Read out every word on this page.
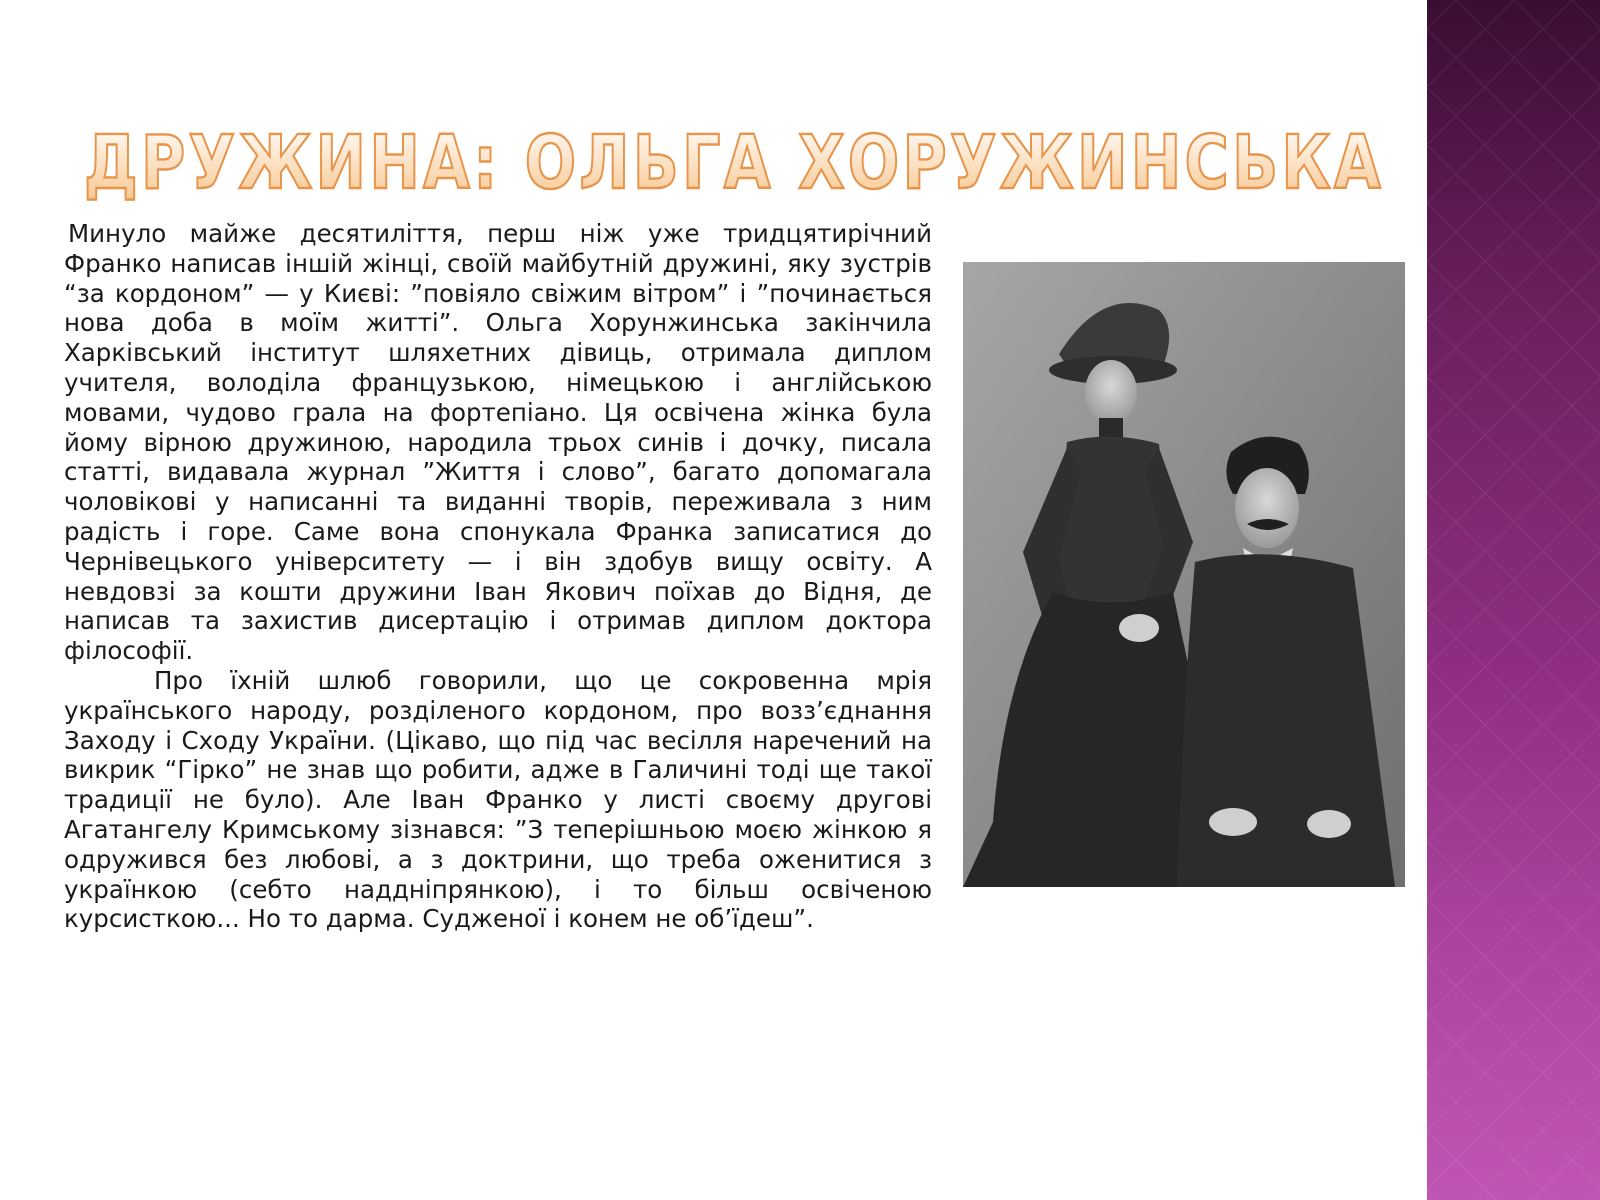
ДРУЖИНА: ОЛЬГА ХОРУЖИНСЬКА

Минуло майже десятиліття, перш ніж уже тридцятирічний Франко написав іншій жінці, своїй майбутній дружині, яку зустрів “за кордоном” — у Києві: ”повіяло свіжим вітром” і ”починається нова доба в моїм житті”. Ольга Хорунжинська закінчила Харківський інститут шляхетних дівиць, отримала диплом учителя, володіла французькою, німецькою і англійською мовами, чудово грала на фортепіано. Ця освічена жінка була йому вірною дружиною, народила трьох синів і дочку, писала статті, видавала журнал ”Життя і слово”, багато допомагала чоловікові у написанні та виданні творів, переживала з ним радість і горе. Саме вона спонукала Франка записатися до Чернівецького університету — і він здобув вищу освіту. А невдовзі за кошти дружини Іван Якович поїхав до Відня, де написав та захистив дисертацію і отримав диплом доктора філософії.

Про їхній шлюб говорили, що це сокровенна мрія українського народу, розділеного кордоном, про возз’єднання Заходу і Сходу України. (Цікаво, що під час весілля наречений на викрик “Гірко” не знав що робити, адже в Галичині тоді ще такої традиції не було). Але Іван Франко у листі своєму другові Агатангелу Кримському зізнався: ”З теперішньою моєю жінкою я одружився без любові, а з доктрини, що треба оженитися з українкою (себто наддніпрянкою), і то більш освіченою курсисткою... Но то дарма. Судженої і конем не об’їдеш”.
